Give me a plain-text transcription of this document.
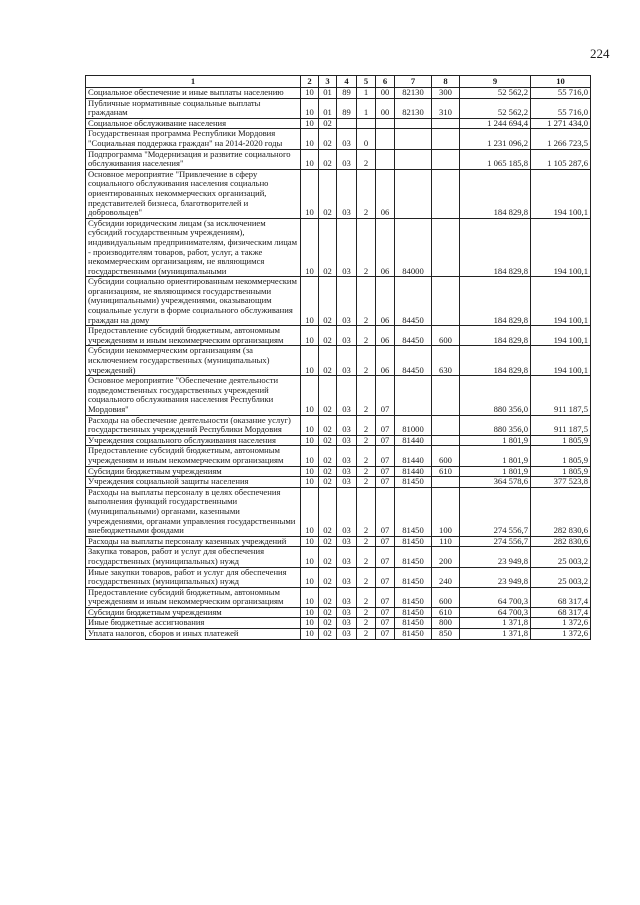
224
1	2	3	4	5	6	7	8	9	10
Социальное обеспечение и иные выплаты населению	10	01	89	1	00	82130	300	52 562,2	55 716,0
Публичные нормативные социальные выплаты гражданам	10	01	89	1	00	82130	310	52 562,2	55 716,0
Социальное обслуживание населения	10	02						1 244 694,4	1 271 434,0
Государственная программа Республики Мордовия "Социальная поддержка граждан" на 2014-2020 годы	10	02	03	0				1 231 096,2	1 266 723,5
Подпрограмма "Модернизация и развитие социального обслуживания населения"	10	02	03	2				1 065 185,8	1 105 287,6
Основное мероприятие "Привлечение в сферу социального обслуживания населения социально ориентированных некоммерческих организаций, представителей бизнеса, благотворителей и добровольцев"	10	02	03	2	06			184 829,8	194 100,1
Субсидии юридическим лицам (за исключением субсидий государственным учреждениям), индивидуальным предпринимателям, физическим лицам - производителям товаров, работ, услуг, а также некоммерческим организациям, не являющимся государственными (муниципальными	10	02	03	2	06	84000		184 829,8	194 100,1
Субсидии социально ориентированным некоммерческим организациям, не являющимся государственными (муниципальными) учреждениями, оказывающим социальные услуги в форме социального обслуживания граждан на дому	10	02	03	2	06	84450		184 829,8	194 100,1
Предоставление субсидий бюджетным, автономным учреждениям и иным некоммерческим организациям	10	02	03	2	06	84450	600	184 829,8	194 100,1
Субсидии некоммерческим организациям (за исключением государственных (муниципальных) учреждений)	10	02	03	2	06	84450	630	184 829,8	194 100,1
Основное мероприятие "Обеспечение деятельности подведомственных государственных учреждений социального обслуживания населения Республики Мордовия"	10	02	03	2	07			880 356,0	911 187,5
Расходы на обеспечение деятельности (оказание услуг) государственных учреждений Республики Мордовия	10	02	03	2	07	81000		880 356,0	911 187,5
Учреждения социального обслуживания населения	10	02	03	2	07	81440		1 801,9	1 805,9
Предоставление субсидий бюджетным, автономным учреждениям и иным некоммерческим организациям	10	02	03	2	07	81440	600	1 801,9	1 805,9
Субсидии бюджетным учреждениям	10	02	03	2	07	81440	610	1 801,9	1 805,9
Учреждения социальной защиты населения	10	02	03	2	07	81450		364 578,6	377 523,8
Расходы на выплаты персоналу в целях обеспечения выполнения функций государственными (муниципальными) органами, казенными учреждениями, органами управления государственными внебюджетными фондами	10	02	03	2	07	81450	100	274 556,7	282 830,6
Расходы на выплаты персоналу казенных учреждений	10	02	03	2	07	81450	110	274 556,7	282 830,6
Закупка товаров, работ и услуг для обеспечения государственных (муниципальных) нужд	10	02	03	2	07	81450	200	23 949,8	25 003,2
Иные закупки товаров, работ и услуг для обеспечения государственных (муниципальных) нужд	10	02	03	2	07	81450	240	23 949,8	25 003,2
Предоставление субсидий бюджетным, автономным учреждениям и иным некоммерческим организациям	10	02	03	2	07	81450	600	64 700,3	68 317,4
Субсидии бюджетным учреждениям	10	02	03	2	07	81450	610	64 700,3	68 317,4
Иные бюджетные ассигнования	10	02	03	2	07	81450	800	1 371,8	1 372,6
Уплата налогов, сборов и иных платежей	10	02	03	2	07	81450	850	1 371,8	1 372,6
